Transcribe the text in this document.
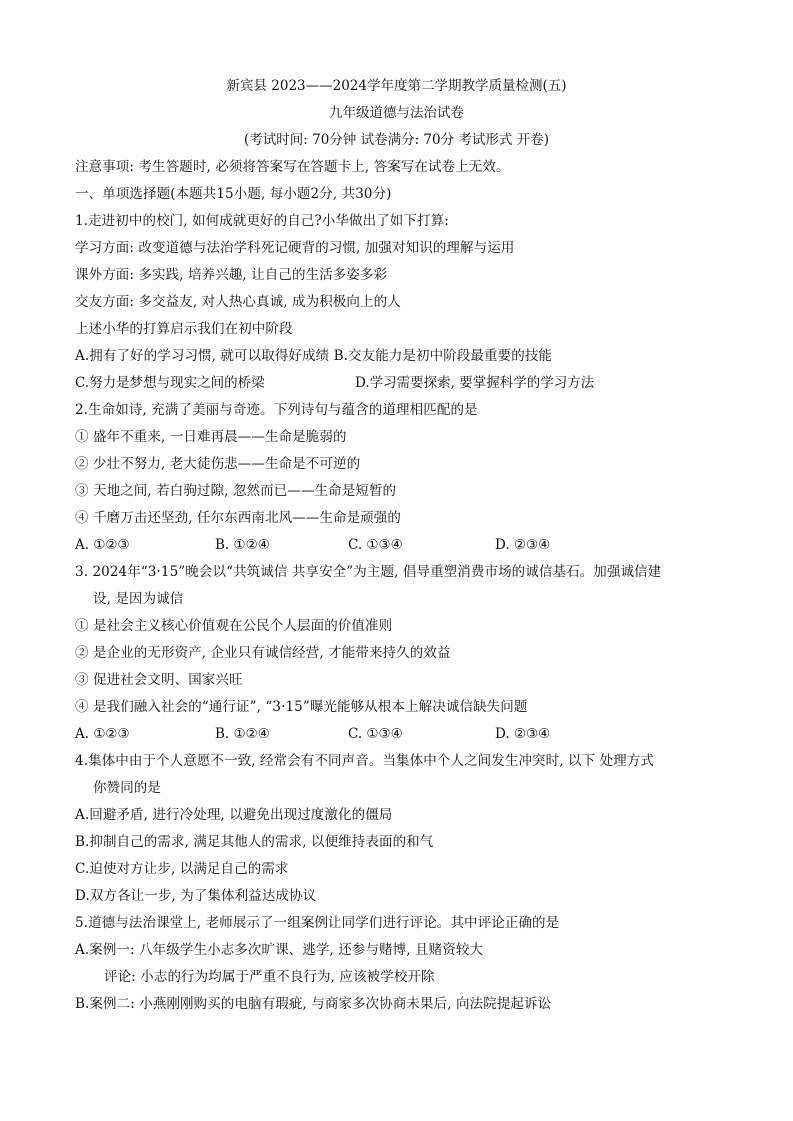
新宾县 2023——2024学年度第二学期教学质量检测(五)
九年级道德与法治试卷
(考试时间: 70分钟 试卷满分: 70分 考试形式 开卷)
注意事项: 考生答题时, 必须将答案写在答题卡上, 答案写在试卷上无效。
一、单项选择题(本题共15小题, 每小题2分, 共30分)
1.走进初中的校门, 如何成就更好的自己?小华做出了如下打算:
学习方面: 改变道德与法治学科死记硬背的习惯, 加强对知识的理解与运用
课外方面: 多实践, 培养兴趣, 让自己的生活多姿多彩
交友方面: 多交益友, 对人热心真诚, 成为积极向上的人
上述小华的打算启示我们在初中阶段
A.拥有了好的学习习惯, 就可以取得好成绩 B.交友能力是初中阶段最重要的技能
C.努力是梦想与现实之间的桥梁	D.学习需要探索, 要掌握科学的学习方法
2.生命如诗, 充满了美丽与奇迹。下列诗句与蕴含的道理相匹配的是
① 盛年不重来, 一日难再晨——生命是脆弱的
② 少壮不努力, 老大徒伤悲——生命是不可逆的
③ 天地之间, 若白驹过隙, 忽然而已——生命是短暂的
④ 千磨万击还坚劲, 任尔东西南北风——生命是顽强的
A. ①②③	B. ①②④	C. ①③④	D. ②③④
3. 2024年“3·15”晚会以“共筑诚信 共享安全”为主题, 倡导重塑消费市场的诚信基石。加强诚信建
设, 是因为诚信
① 是社会主义核心价值观在公民个人层面的价值准则
② 是企业的无形资产, 企业只有诚信经营, 才能带来持久的效益
③ 促进社会文明、国家兴旺
④ 是我们融入社会的“通行证”, “3·15”曝光能够从根本上解决诚信缺失问题
A. ①②③	B. ①②④	C. ①③④	D. ②③④
4.集体中由于个人意愿不一致, 经常会有不同声音。当集体中个人之间发生冲突时, 以下 处理方式
你赞同的是
A.回避矛盾, 进行冷处理, 以避免出现过度激化的僵局
B.抑制自己的需求, 满足其他人的需求, 以便维持表面的和气
C.迫使对方让步, 以满足自己的需求
D.双方各让一步, 为了集体利益达成协议
5.道德与法治课堂上, 老师展示了一组案例让同学们进行评论。其中评论正确的是
A.案例一: 八年级学生小志多次旷课、逃学, 还参与赌博, 且赌资较大
评论: 小志的行为均属于严重不良行为, 应该被学校开除
B.案例二: 小燕刚刚购买的电脑有瑕疵, 与商家多次协商未果后, 向法院提起诉讼
